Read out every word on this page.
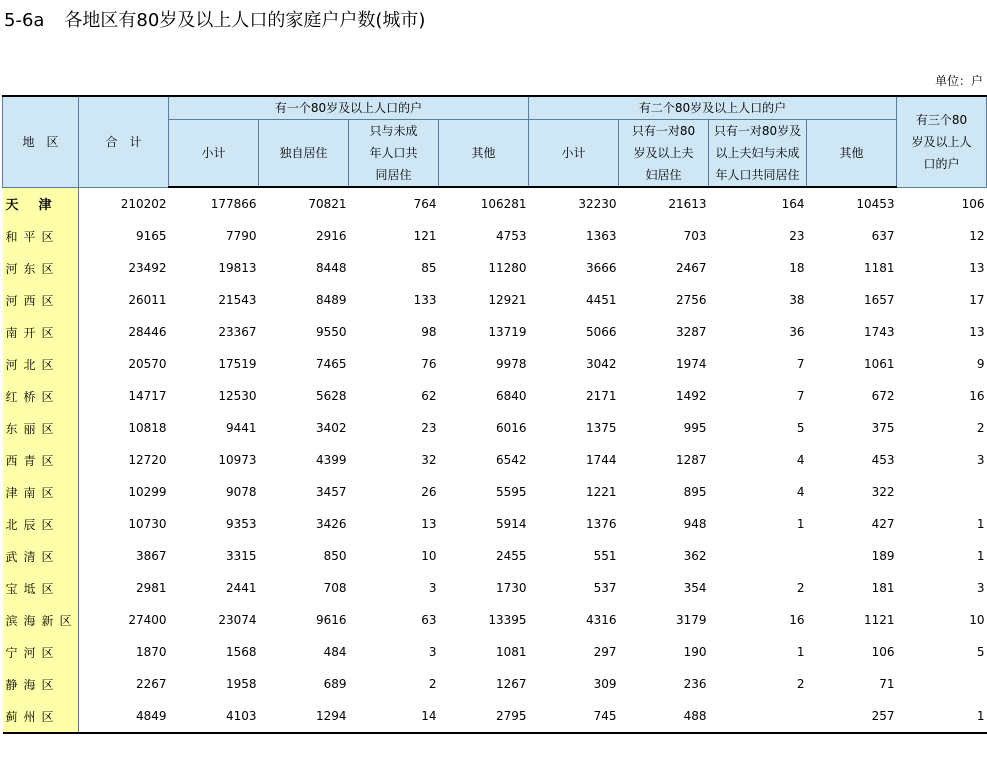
5-6a 各地区有80岁及以上人口的家庭户户数(城市)
单位：户
地　区	合　计	有一个80岁及以上人口的户				有二个80岁及以上人口的户				有三个80岁及以上人口的户
		小计	独自居住	只与未成年人口共同居住	其他	小计	只有一对80岁及以上夫妇居住	只有一对80岁及以上夫妇与未成年人口共同居住	其他	
天津	210202	177866	70821	764	106281	32230	21613	164	10453	106
和平区	9165	7790	2916	121	4753	1363	703	23	637	12
河东区	23492	19813	8448	85	11280	3666	2467	18	1181	13
河西区	26011	21543	8489	133	12921	4451	2756	38	1657	17
南开区	28446	23367	9550	98	13719	5066	3287	36	1743	13
河北区	20570	17519	7465	76	9978	3042	1974	7	1061	9
红桥区	14717	12530	5628	62	6840	2171	1492	7	672	16
东丽区	10818	9441	3402	23	6016	1375	995	5	375	2
西青区	12720	10973	4399	32	6542	1744	1287	4	453	3
津南区	10299	9078	3457	26	5595	1221	895	4	322	
北辰区	10730	9353	3426	13	5914	1376	948	1	427	1
武清区	3867	3315	850	10	2455	551	362		189	1
宝坻区	2981	2441	708	3	1730	537	354	2	181	3
滨海新区	27400	23074	9616	63	13395	4316	3179	16	1121	10
宁河区	1870	1568	484	3	1081	297	190	1	106	5
静海区	2267	1958	689	2	1267	309	236	2	71	
蓟州区	4849	4103	1294	14	2795	745	488		257	1
